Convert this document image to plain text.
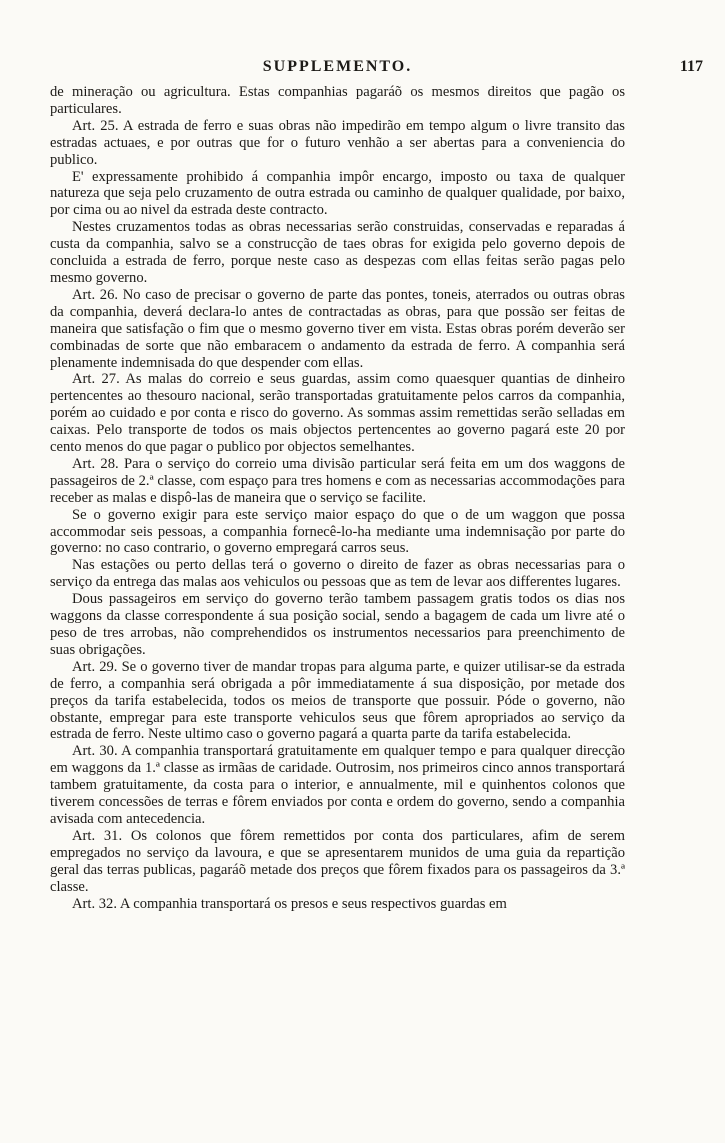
SUPPLEMENTO.	117

de mineração ou agricultura. Estas companhias pagaráõ os mesmos direitos que pagão os particulares.

Art. 25. A estrada de ferro e suas obras não impedirão em tempo algum o livre transito das estradas actuaes, e por outras que for o futuro venhão a ser abertas para a conveniencia do publico.

E' expressamente prohibido á companhia impôr encargo, imposto ou taxa de qualquer natureza que seja pelo cruzamento de outra estrada ou caminho de qualquer qualidade, por baixo, por cima ou ao nivel da estrada deste contracto.

Nestes cruzamentos todas as obras necessarias serão construidas, conservadas e reparadas á custa da companhia, salvo se a construcção de taes obras for exigida pelo governo depois de concluida a estrada de ferro, porque neste caso as despezas com ellas feitas serão pagas pelo mesmo governo.

Art. 26. No caso de precisar o governo de parte das pontes, toneis, aterrados ou outras obras da companhia, deverá declara-lo antes de contractadas as obras, para que possão ser feitas de maneira que satisfação o fim que o mesmo governo tiver em vista. Estas obras porém deverão ser combinadas de sorte que não embaracem o andamento da estrada de ferro. A companhia será plenamente indemnisada do que despender com ellas.

Art. 27. As malas do correio e seus guardas, assim como quaesquer quantias de dinheiro pertencentes ao thesouro nacional, serão transportadas gratuitamente pelos carros da companhia, porém ao cuidado e por conta e risco do governo. As sommas assim remettidas serão selladas em caixas. Pelo transporte de todos os mais objectos pertencentes ao governo pagará este 20 por cento menos do que pagar o publico por objectos semelhantes.

Art. 28. Para o serviço do correio uma divisão particular será feita em um dos waggons de passageiros de 2.ª classe, com espaço para tres homens e com as necessarias accommodações para receber as malas e dispô-las de maneira que o serviço se facilite.

Se o governo exigir para este serviço maior espaço do que o de um waggon que possa accommodar seis pessoas, a companhia fornecê-lo-ha mediante uma indemnisação por parte do governo: no caso contrario, o governo empregará carros seus.

Nas estações ou perto dellas terá o governo o direito de fazer as obras necessarias para o serviço da entrega das malas aos vehiculos ou pessoas que as tem de levar aos differentes lugares.

Dous passageiros em serviço do governo terão tambem passagem gratis todos os dias nos waggons da classe correspondente á sua posição social, sendo a bagagem de cada um livre até o peso de tres arrobas, não comprehendidos os instrumentos necessarios para preenchimento de suas obrigações.

Art. 29. Se o governo tiver de mandar tropas para alguma parte, e quizer utilisar-se da estrada de ferro, a companhia será obrigada a pôr immediatamente á sua disposição, por metade dos preços da tarifa estabelecida, todos os meios de transporte que possuir. Póde o governo, não obstante, empregar para este transporte vehiculos seus que fôrem apropriados ao serviço da estrada de ferro. Neste ultimo caso o governo pagará a quarta parte da tarifa estabelecida.

Art. 30. A companhia transportará gratuitamente em qualquer tempo e para qualquer direcção em waggons da 1.ª classe as irmãas de caridade. Outrosim, nos primeiros cinco annos transportará tambem gratuitamente, da costa para o interior, e annualmente, mil e quinhentos colonos que tiverem concessões de terras e fôrem enviados por conta e ordem do governo, sendo a companhia avisada com antecedencia.

Art. 31. Os colonos que fôrem remettidos por conta dos particulares, afim de serem empregados no serviço da lavoura, e que se apresentarem munidos de uma guia da repartição geral das terras publicas, pagaráõ metade dos preços que fôrem fixados para os passageiros da 3.ª classe.

Art. 32. A companhia transportará os presos e seus respectivos guardas em
